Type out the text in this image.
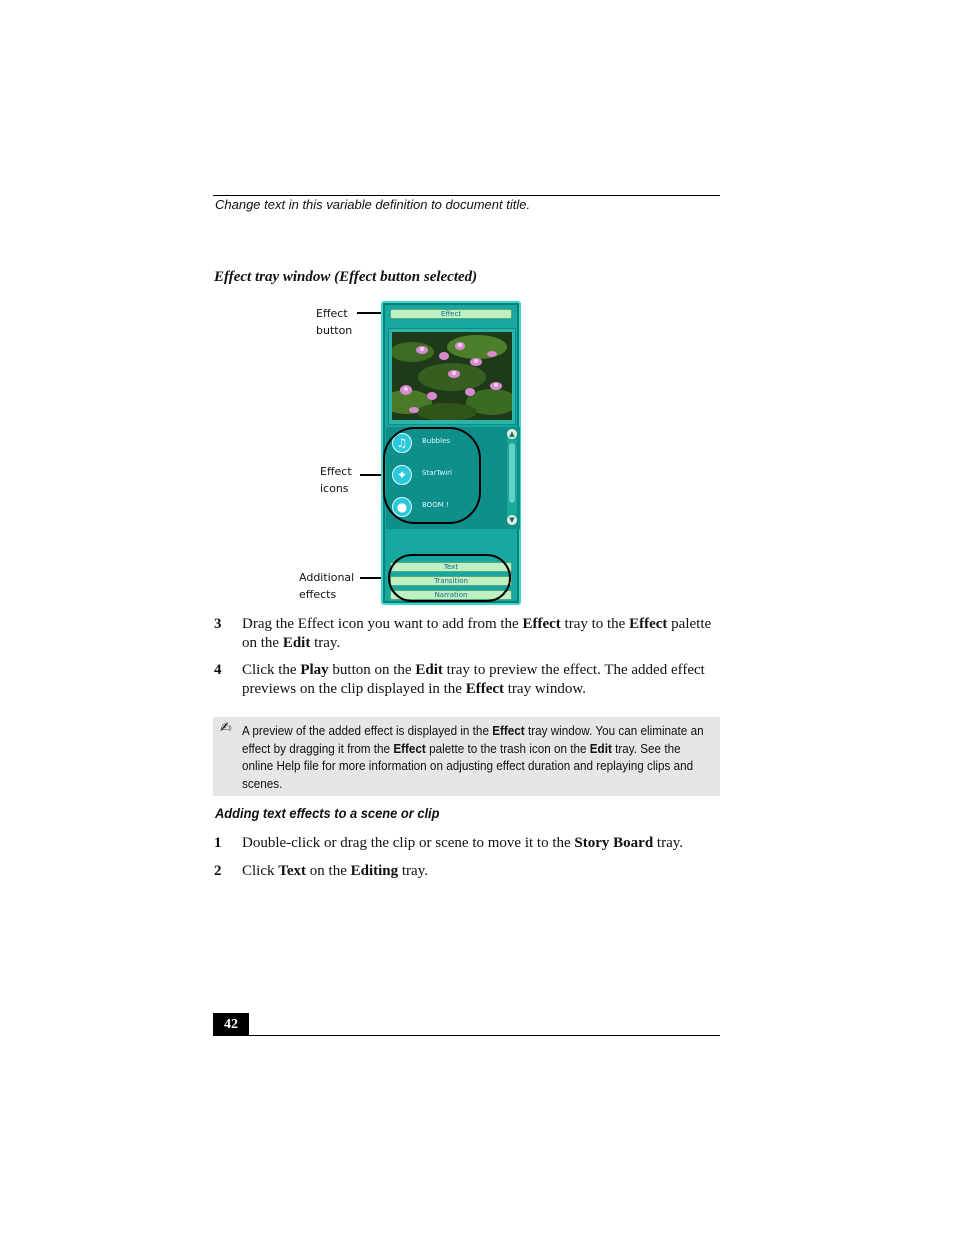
Change text in this variable definition to document title.
Effect tray window (Effect button selected)
Effect
button
Effect
icons
Additional
effects
Effect
♫	Bubbles
✦	StarTwirl
●	BOOM !
▲
▼
Text
Transition
Narration
3 Drag the Effect icon you want to add from the Effect tray to the Effect palette on the Edit tray.
4 Click the Play button on the Edit tray to preview the effect. The added effect previews on the clip displayed in the Effect tray window.
✍ A preview of the added effect is displayed in the Effect tray window. You can eliminate an effect by dragging it from the Effect palette to the trash icon on the Edit tray. See the online Help file for more information on adjusting effect duration and replaying clips and scenes.
Adding text effects to a scene or clip
1 Double-click or drag the clip or scene to move it to the Story Board tray.
2 Click Text on the Editing tray.
42
